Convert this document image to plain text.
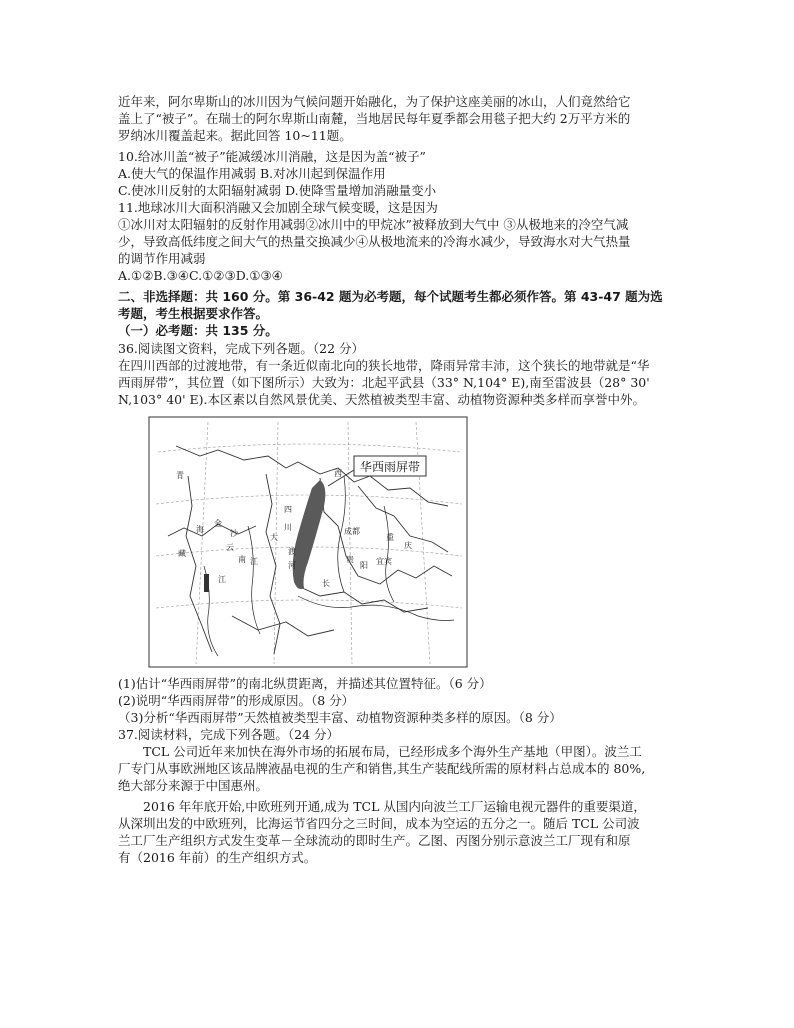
近年来，阿尔卑斯山的冰川因为气候问题开始融化，为了保护这座美丽的冰山，人们竟然给它

盖上了“被子”。在瑞士的阿尔卑斯山南麓，当地居民每年夏季都会用毯子把大约 2万平方米的

罗纳冰川覆盖起来。据此回答 10~11题。

10.给冰川盖“被子”能减缓冰川消融，这是因为盖“被子”

A.使大气的保温作用减弱 B.对冰川起到保温作用

C.使冰川反射的太阳辐射减弱 D.使降雪量增加消融量变小

11.地球冰川大面积消融又会加剧全球气候变暖，这是因为

①冰川对太阳辐射的反射作用减弱②冰川中的甲烷冰”被释放到大气中 ③从极地来的冷空气减

少，导致高低纬度之间大气的热量交换减少④从极地流来的冷海水减少，导致海水对大气热量

的调节作用减弱

A.①②B.③④C.①②③D.①③④

二、非选择题：共 160 分。第 36-42 题为必考题，每个试题考生都必须作答。第 43-47 题为选

考题，考生根据要求作答。

（一）必考题：共 135 分。

36.阅读图文资料，完成下列各题。（22 分）

在四川西部的过渡地带，有一条近似南北向的狭长地带，降雨异常丰沛，这个狭长的地带就是“华

西雨屏带”，其位置（如下图所示）大致为：北起平武县（33° N,104° E),南至雷波县（28° 30'

N,103° 40' E).本区素以自然风景优美、天然植被类型丰富、动植物资源种类多样而享誉中外。

华西雨屏带
青
海
四
川
大
渡
河
江
长
西
成都
重
庆
贵
阳
云
南
江
宜宾
金
沙
藏

(1)估计“华西雨屏带”的南北纵贯距离，并描述其位置特征。（6 分）

(2)说明“华西雨屏带”的形成原因。（8 分）

（3)分析“华西雨屏带”天然植被类型丰富、动植物资源种类多样的原因。（8 分）

37.阅读材料，完成下列各题。（24 分）

TCL 公司近年来加快在海外市场的拓展布局，已经形成多个海外生产基地（甲图）。波兰工

厂专门从事欧洲地区该品牌液晶电视的生产和销售,其生产装配线所需的原材料占总成本的 80%,

绝大部分来源于中国惠州。

2016 年年底开始,中欧班列开通,成为 TCL 从国内向波兰工厂运输电视元器件的重要渠道，

从深圳出发的中欧班列，比海运节省四分之三时间，成本为空运的五分之一。随后 TCL 公司波

兰工厂生产组织方式发生变革－全球流动的即时生产。乙图、丙图分别示意波兰工厂现有和原

有（2016 年前）的生产组织方式。
